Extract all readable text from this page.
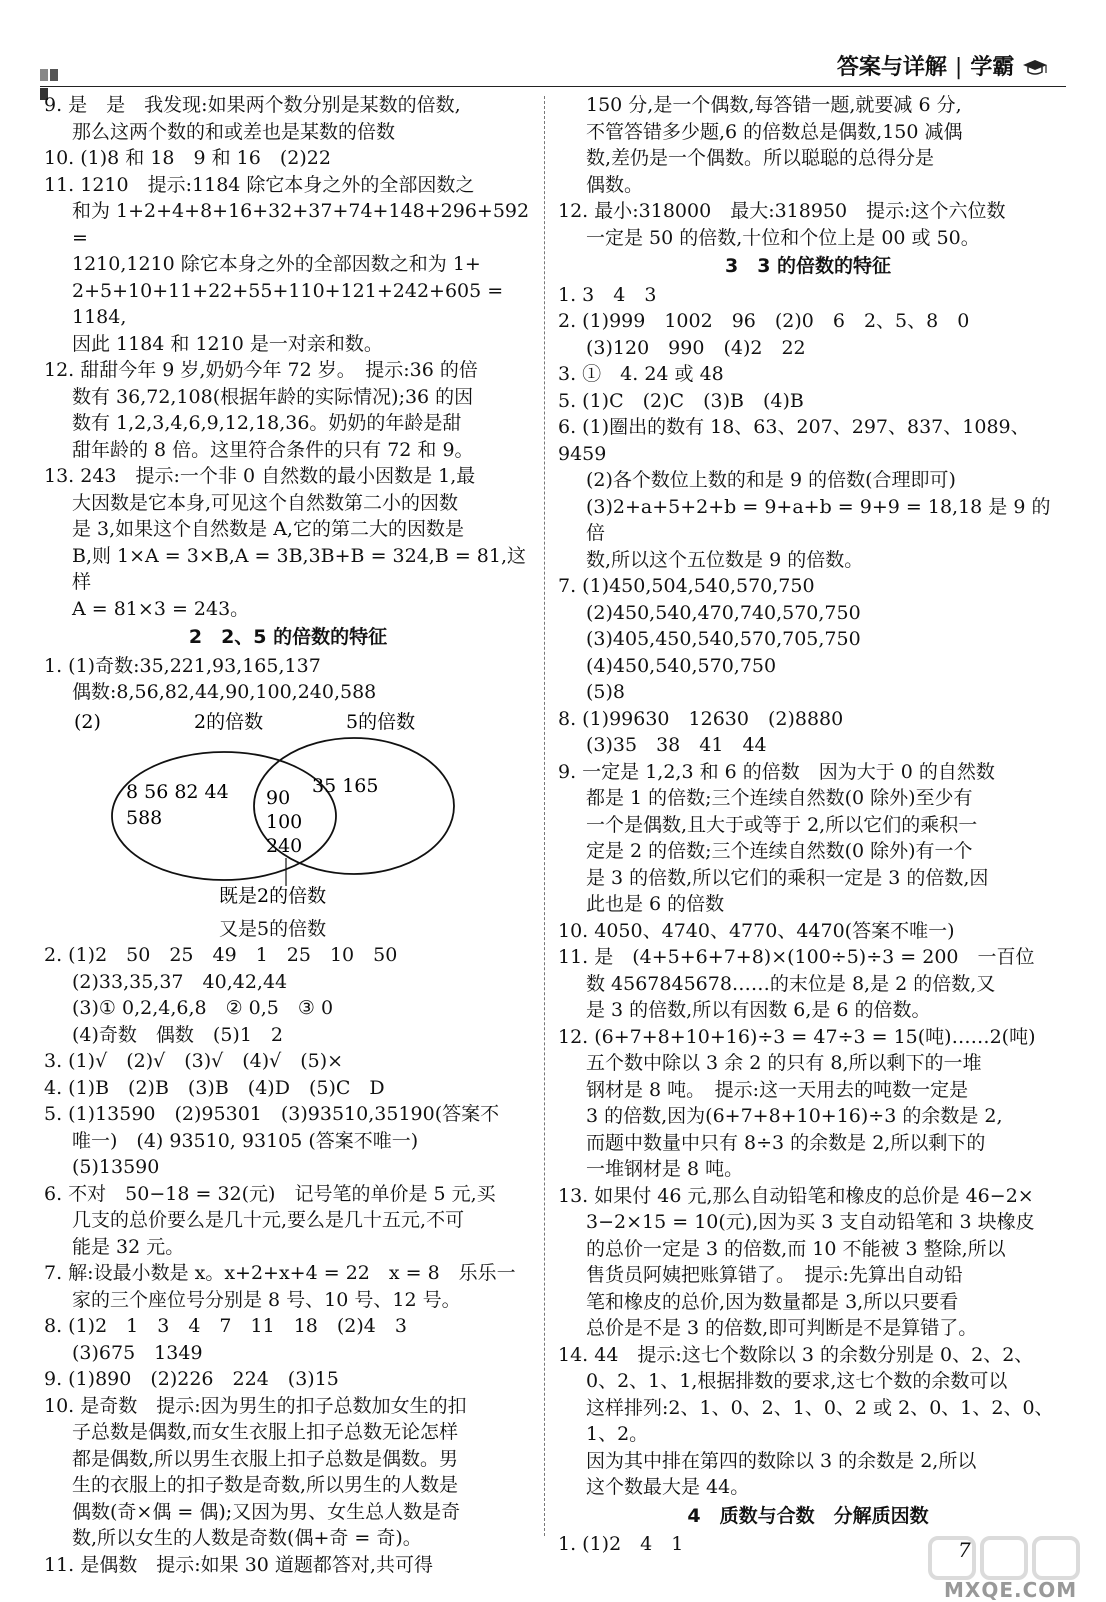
答案与详解 | 学霸

9. 是　是　我发现:如果两个数分别是某数的倍数,

那么这两个数的和或差也是某数的倍数

10. (1)8 和 18　9 和 16　(2)22

11. 1210　提示:1184 除它本身之外的全部因数之

和为 1+2+4+8+16+32+37+74+148+296+592 =

1210,1210 除它本身之外的全部因数之和为 1+

2+5+10+11+22+55+110+121+242+605 = 1184,

因此 1184 和 1210 是一对亲和数。

12. 甜甜今年 9 岁,奶奶今年 72 岁。　提示:36 的倍

数有 36,72,108(根据年龄的实际情况);36 的因

数有 1,2,3,4,6,9,12,18,36。奶奶的年龄是甜

甜年龄的 8 倍。这里符合条件的只有 72 和 9。

13. 243　提示:一个非 0 自然数的最小因数是 1,最

大因数是它本身,可见这个自然数第二小的因数

是 3,如果这个自然数是 A,它的第二大的因数是

B,则 1×A = 3×B,A = 3B,3B+B = 324,B = 81,这样

A = 81×3 = 243。

2　2、5 的倍数的特征

1. (1)奇数:35,221,93,165,137

偶数:8,56,82,44,90,100,240,588

(2)	2的倍数	5的倍数
8 56 82 44
588
90
100
240
35 165
既是2的倍数

又是5的倍数

2. (1)2　50　25　49　1　25　10　50

(2)33,35,37　40,42,44

(3)① 0,2,4,6,8　② 0,5　③ 0

(4)奇数　偶数　(5)1　2

3. (1)√　(2)√　(3)√　(4)√　(5)×

4. (1)B　(2)B　(3)B　(4)D　(5)C　D

5. (1)13590　(2)95301　(3)93510,35190(答案不

唯一)　(4) 93510, 93105 (答案不唯一)

(5)13590

6. 不对　50−18 = 32(元)　记号笔的单价是 5 元,买

几支的总价要么是几十元,要么是几十五元,不可

能是 32 元。

7. 解:设最小数是 x。x+2+x+4 = 22　x = 8　乐乐一

家的三个座位号分别是 8 号、10 号、12 号。

8. (1)2　1　3　4　7　11　18　(2)4　3

(3)675　1349

9. (1)890　(2)226　224　(3)15

10. 是奇数　提示:因为男生的扣子总数加女生的扣

子总数是偶数,而女生衣服上扣子总数无论怎样

都是偶数,所以男生衣服上扣子总数是偶数。男

生的衣服上的扣子数是奇数,所以男生的人数是

偶数(奇×偶 = 偶);又因为男、女生总人数是奇

数,所以女生的人数是奇数(偶+奇 = 奇)。

11. 是偶数　提示:如果 30 道题都答对,共可得

150 分,是一个偶数,每答错一题,就要减 6 分,

不管答错多少题,6 的倍数总是偶数,150 减偶

数,差仍是一个偶数。所以聪聪的总得分是

偶数。

12. 最小:318000　最大:318950　提示:这个六位数

一定是 50 的倍数,十位和个位上是 00 或 50。

3　3 的倍数的特征

1. 3　4　3

2. (1)999　1002　96　(2)0　6　2、5、8　0

(3)120　990　(4)2　22

3. ①　4. 24 或 48

5. (1)C　(2)C　(3)B　(4)B

6. (1)圈出的数有 18、63、207、297、837、1089、9459

(2)各个数位上数的和是 9 的倍数(合理即可)

(3)2+a+5+2+b = 9+a+b = 9+9 = 18,18 是 9 的倍

数,所以这个五位数是 9 的倍数。

7. (1)450,504,540,570,750

(2)450,540,470,740,570,750

(3)405,450,540,570,705,750

(4)450,540,570,750

(5)8

8. (1)99630　12630　(2)8880

(3)35　38　41　44

9. 一定是 1,2,3 和 6 的倍数　因为大于 0 的自然数

都是 1 的倍数;三个连续自然数(0 除外)至少有

一个是偶数,且大于或等于 2,所以它们的乘积一

定是 2 的倍数;三个连续自然数(0 除外)有一个

是 3 的倍数,所以它们的乘积一定是 3 的倍数,因

此也是 6 的倍数

10. 4050、4740、4770、4470(答案不唯一)

11. 是　(4+5+6+7+8)×(100÷5)÷3 = 200　一百位

数 4567845678……的末位是 8,是 2 的倍数,又

是 3 的倍数,所以有因数 6,是 6 的倍数。

12. (6+7+8+10+16)÷3 = 47÷3 = 15(吨)……2(吨)

五个数中除以 3 余 2 的只有 8,所以剩下的一堆

钢材是 8 吨。　提示:这一天用去的吨数一定是

3 的倍数,因为(6+7+8+10+16)÷3 的余数是 2,

而题中数量中只有 8÷3 的余数是 2,所以剩下的

一堆钢材是 8 吨。

13. 如果付 46 元,那么自动铅笔和橡皮的总价是 46−2×

3−2×15 = 10(元),因为买 3 支自动铅笔和 3 块橡皮

的总价一定是 3 的倍数,而 10 不能被 3 整除,所以

售货员阿姨把账算错了。　提示:先算出自动铅

笔和橡皮的总价,因为数量都是 3,所以只要看

总价是不是 3 的倍数,即可判断是不是算错了。

14. 44　提示:这七个数除以 3 的余数分别是 0、2、2、

0、2、1、1,根据排数的要求,这七个数的余数可以

这样排列:2、1、0、2、1、0、2 或 2、0、1、2、0、1、2。

因为其中排在第四的数除以 3 的余数是 2,所以

这个数最大是 44。

4　质数与合数　分解质因数

1. (1)2　4　1	7
MXQE.COM
